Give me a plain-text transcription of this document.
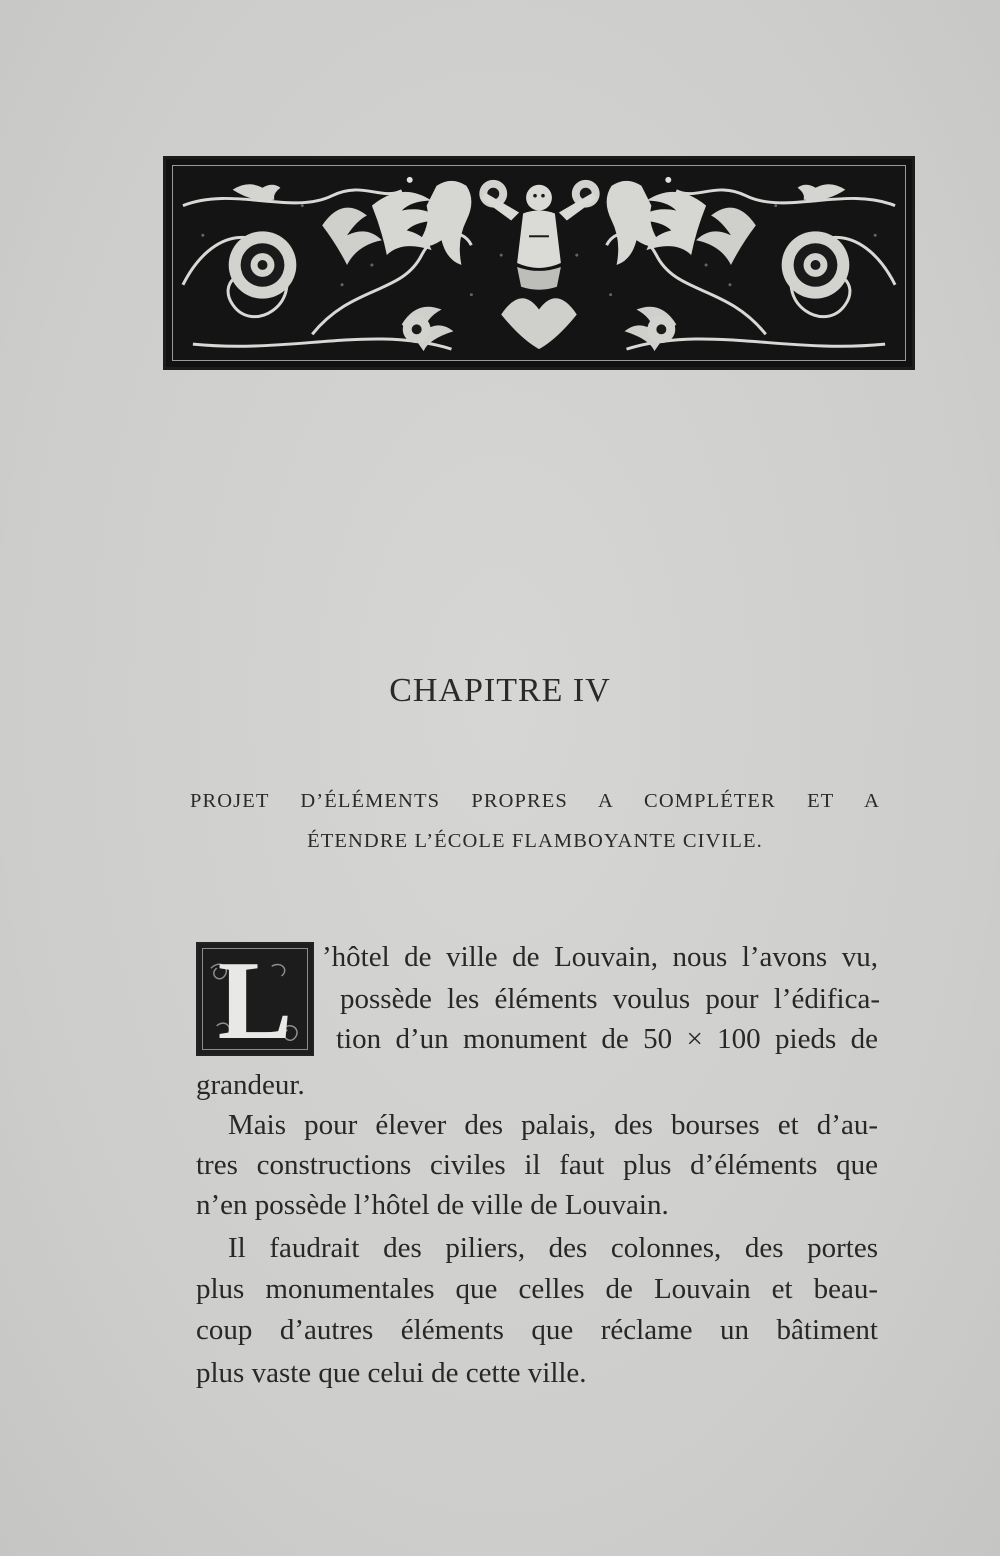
CHAPITRE IV
PROJET D’ÉLÉMENTS PROPRES A COMPLÉTER ET A
ÉTENDRE L’ÉCOLE FLAMBOYANTE CIVILE.
L	’hôtel de ville de Louvain, nous l’avons vu,
possède les éléments voulus pour l’édifica-
tion d’un monument de 50 × 100 pieds de
grandeur.
Mais pour élever des palais, des bourses et d’au-
tres constructions civiles il faut plus d’éléments que
n’en possède l’hôtel de ville de Louvain.
Il faudrait des piliers, des colonnes, des portes
plus monumentales que celles de Louvain et beau-
coup d’autres éléments que réclame un bâtiment
plus vaste que celui de cette ville.
